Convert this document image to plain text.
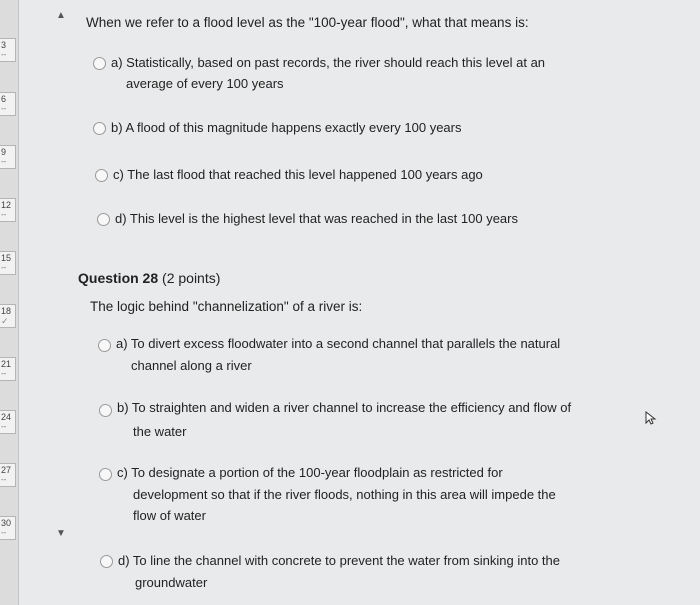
3
--
6
--
9
--
12
--
15
--
18
✓
21
--
24
--
27
--
30
--
▲
▼
When we refer to a flood level as the "100-year flood", what that means is:
a) Statistically, based on past records, the river should reach this level at an
average of every 100 years
b) A flood of this magnitude happens exactly every 100 years
c) The last flood that reached this level happened 100 years ago
d) This level is the highest level that was reached in the last 100 years
Question 28 (2 points)
The logic behind "channelization" of a river is:
a) To divert excess floodwater into a second channel that parallels the natural
channel along a river
b) To straighten and widen a river channel to increase the efficiency and flow of
the water
c) To designate a portion of the 100-year floodplain as restricted for
development so that if the river floods, nothing in this area will impede the
flow of water
d) To line the channel with concrete to prevent the water from sinking into the
groundwater
